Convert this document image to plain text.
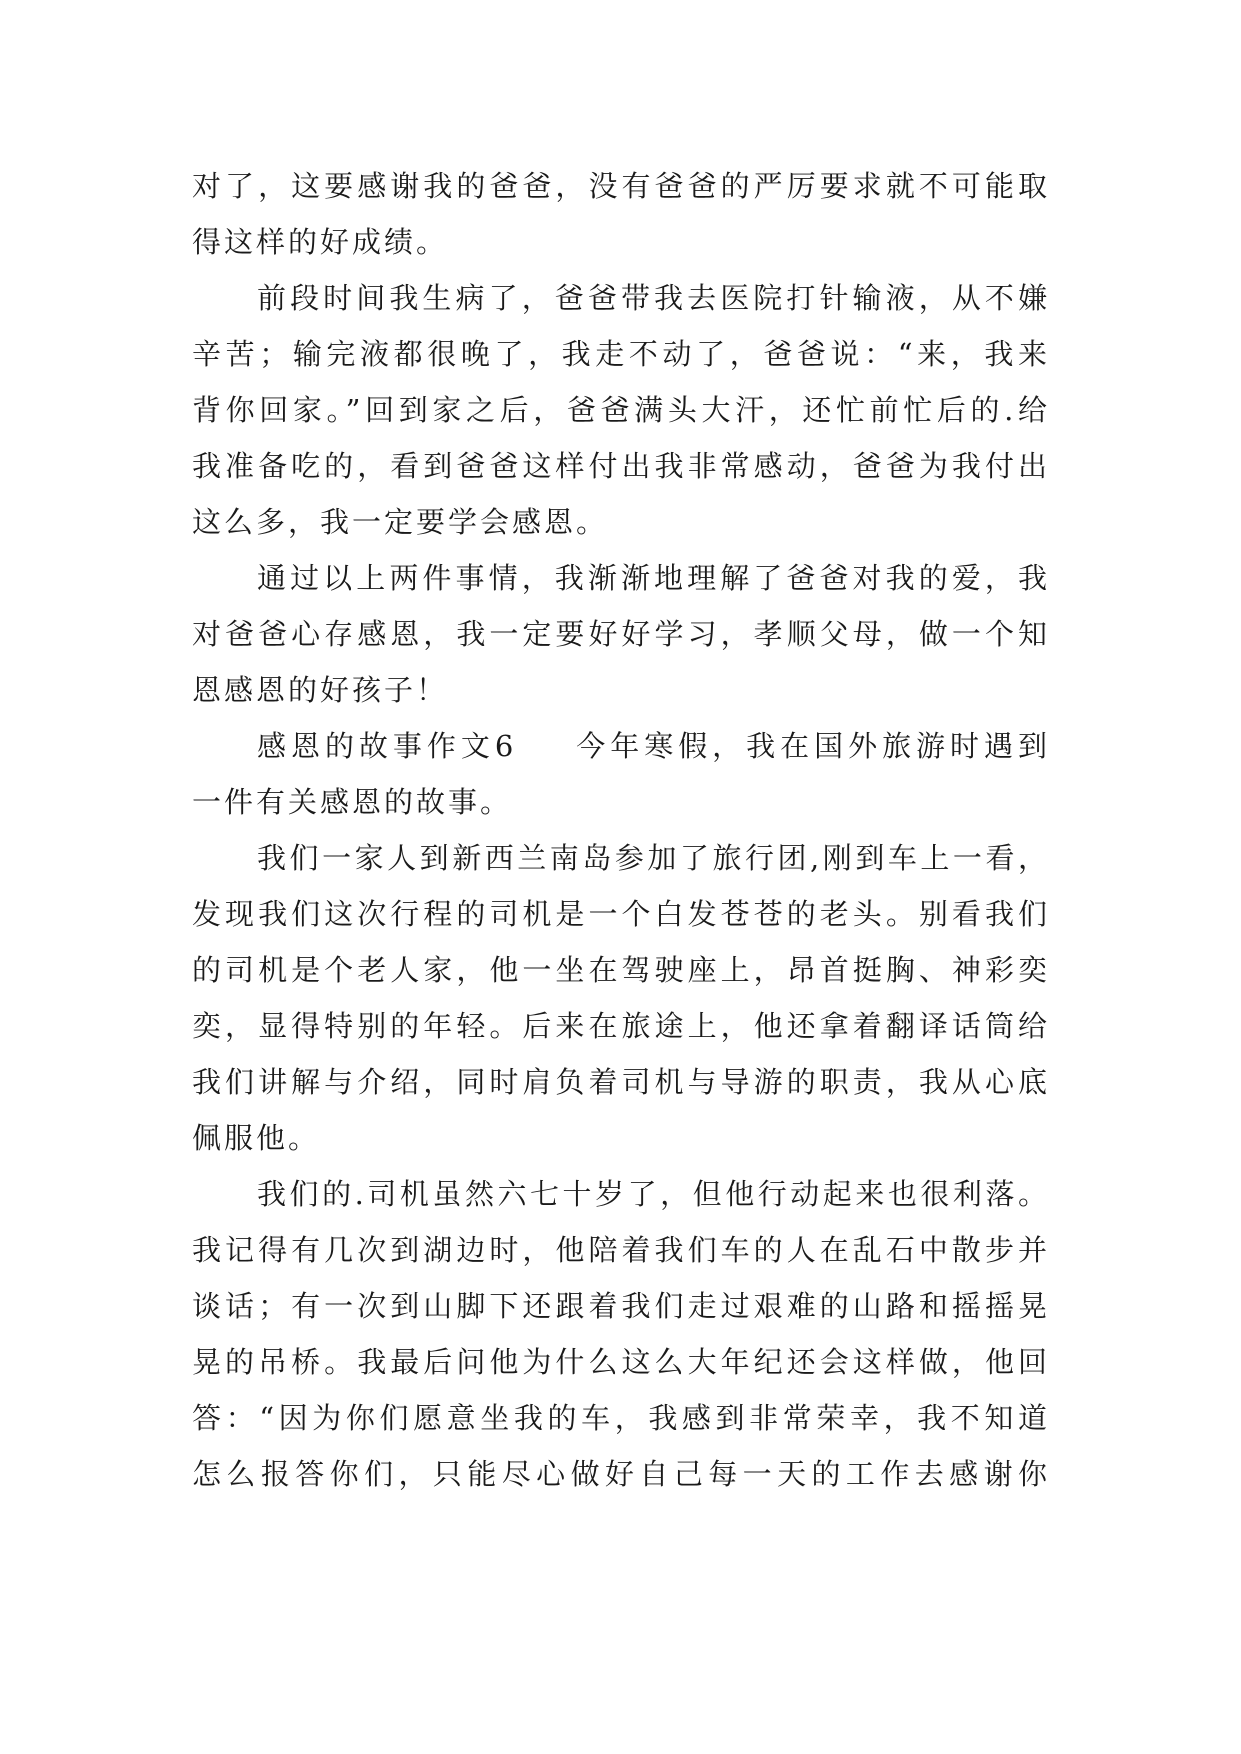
对了，这要感谢我的爸爸，没有爸爸的严厉要求就不可能取
得这样的好成绩。
前段时间我生病了，爸爸带我去医院打针输液，从不嫌
辛苦；输完液都很晚了，我走不动了，爸爸说：“来，我来
背你回家。”回到家之后，爸爸满头大汗，还忙前忙后的.给
我准备吃的，看到爸爸这样付出我非常感动，爸爸为我付出
这么多，我一定要学会感恩。
通过以上两件事情，我渐渐地理解了爸爸对我的爱，我
对爸爸心存感恩，我一定要好好学习，孝顺父母，做一个知
恩感恩的好孩子！
感恩的故事作文6 今年寒假，我在国外旅游时遇到
一件有关感恩的故事。
我们一家人到新西兰南岛参加了旅行团,刚到车上一看，
发现我们这次行程的司机是一个白发苍苍的老头。别看我们
的司机是个老人家，他一坐在驾驶座上，昂首挺胸、神彩奕
奕，显得特别的年轻。后来在旅途上，他还拿着翻译话筒给
我们讲解与介绍，同时肩负着司机与导游的职责，我从心底
佩服他。
我们的.司机虽然六七十岁了，但他行动起来也很利落。
我记得有几次到湖边时，他陪着我们车的人在乱石中散步并
谈话；有一次到山脚下还跟着我们走过艰难的山路和摇摇晃
晃的吊桥。我最后问他为什么这么大年纪还会这样做，他回
答：“因为你们愿意坐我的车，我感到非常荣幸，我不知道
怎么报答你们，只能尽心做好自己每一天的工作去感谢你
